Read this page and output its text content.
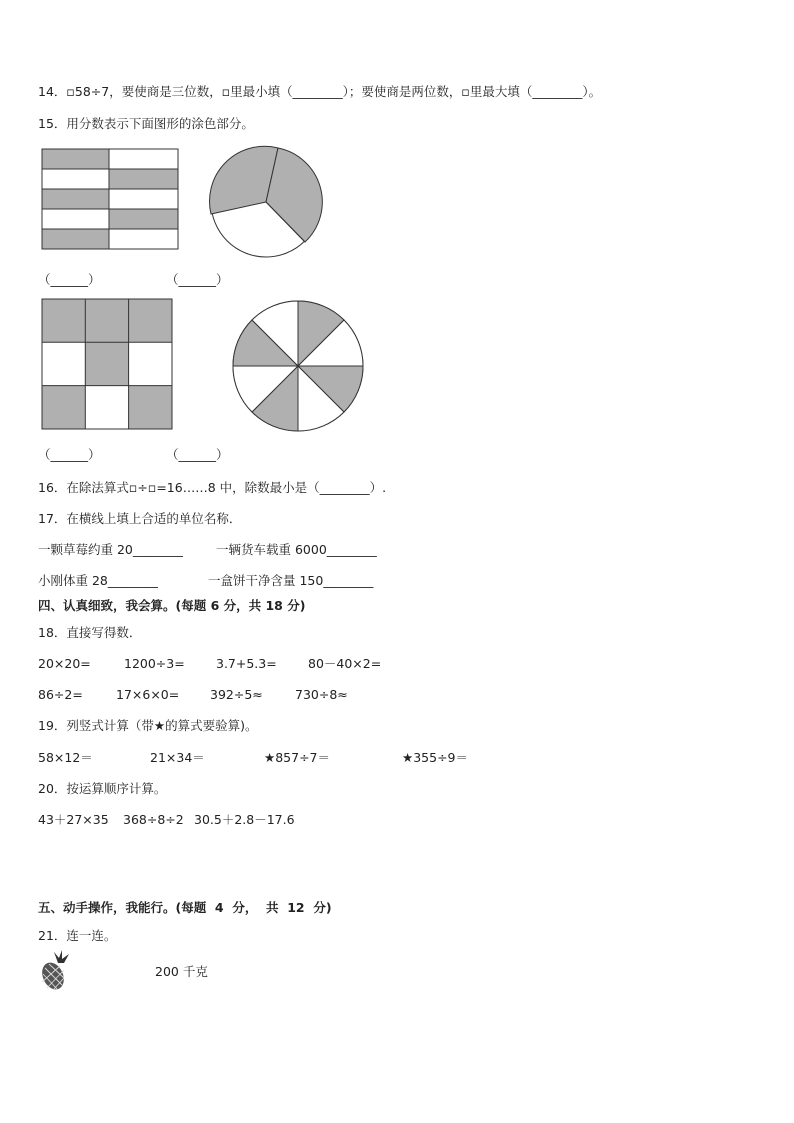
14．▫58÷7，要使商是三位数，▫里最小填（________）；要使商是两位数，▫里最大填（________）。
15．用分数表示下面图形的涂色部分。
（______）	（______）
（______）	（______）
16．在除法算式▫÷▫=16……8 中，除数最小是（________）.
17．在横线上填上合适的单位名称．
一颗草莓约重 20________	一辆货车载重 6000________
小刚体重 28________	一盒饼干净含量 150________
四、认真细致，我会算。(每题 6 分，共 18 分)
18．直接写得数．
20×20=	1200÷3=	3.7+5.3=	80－40×2=
86÷2=	17×6×0= 392÷5≈	730÷8≈
19．列竖式计算（带★的算式要验算)。
58×12＝	21×34＝	★857÷7＝	★355÷9＝
20．按运算顺序计算。
43＋27×35 368÷8÷2 30.5＋2.8－17.6
五、动手操作，我能行。(每题  4  分，  共  12  分)
21．连一连。
200 千克
